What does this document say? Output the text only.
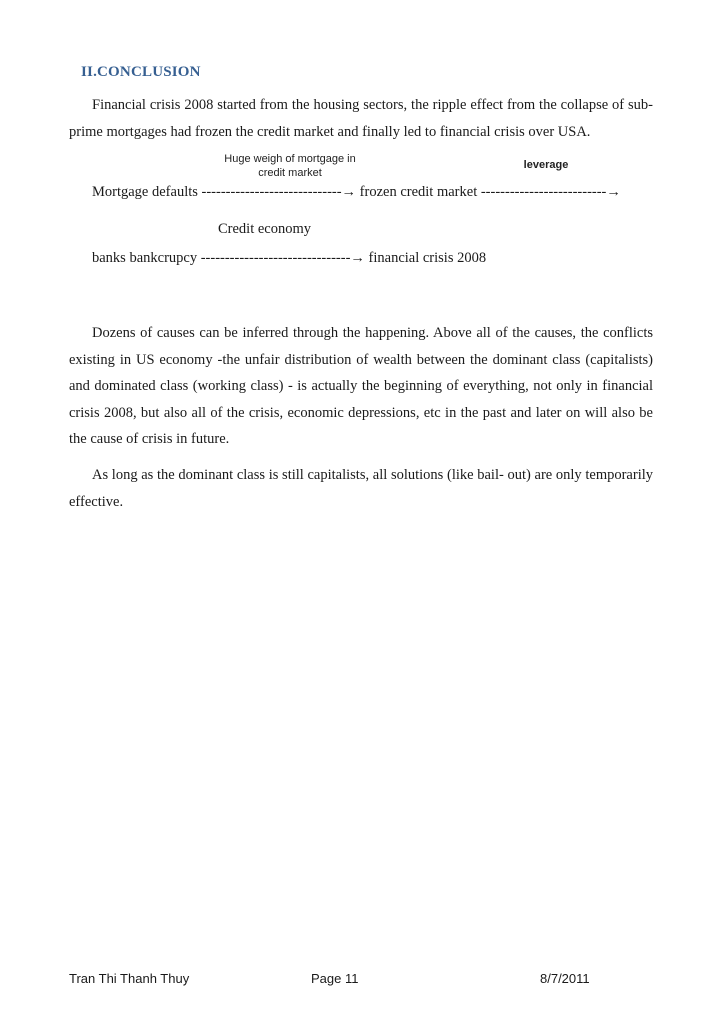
II.CONCLUSION

Financial crisis 2008 started from the housing sectors, the ripple effect from the collapse of sub-prime mortgages had frozen the credit market and finally led to financial crisis over USA.

Huge weigh of mortgage in credit market
leverage
Mortgage defaults -----------------------------→ frozen credit market --------------------------→
Credit economy
banks bankcrupcy -------------------------------→ financial crisis 2008

Dozens of causes can be inferred through the happening. Above all of the causes, the conflicts existing in US economy -the unfair distribution of wealth between the dominant class (capitalists) and dominated class (working class) - is actually the beginning of everything, not only in financial crisis 2008, but also all of the crisis, economic depressions, etc in the past and later on will also be the cause of crisis in future.

As long as the dominant class is still capitalists, all solutions (like bail- out) are only temporarily effective.

Tran Thi Thanh Thuy	Page 11	8/7/2011
